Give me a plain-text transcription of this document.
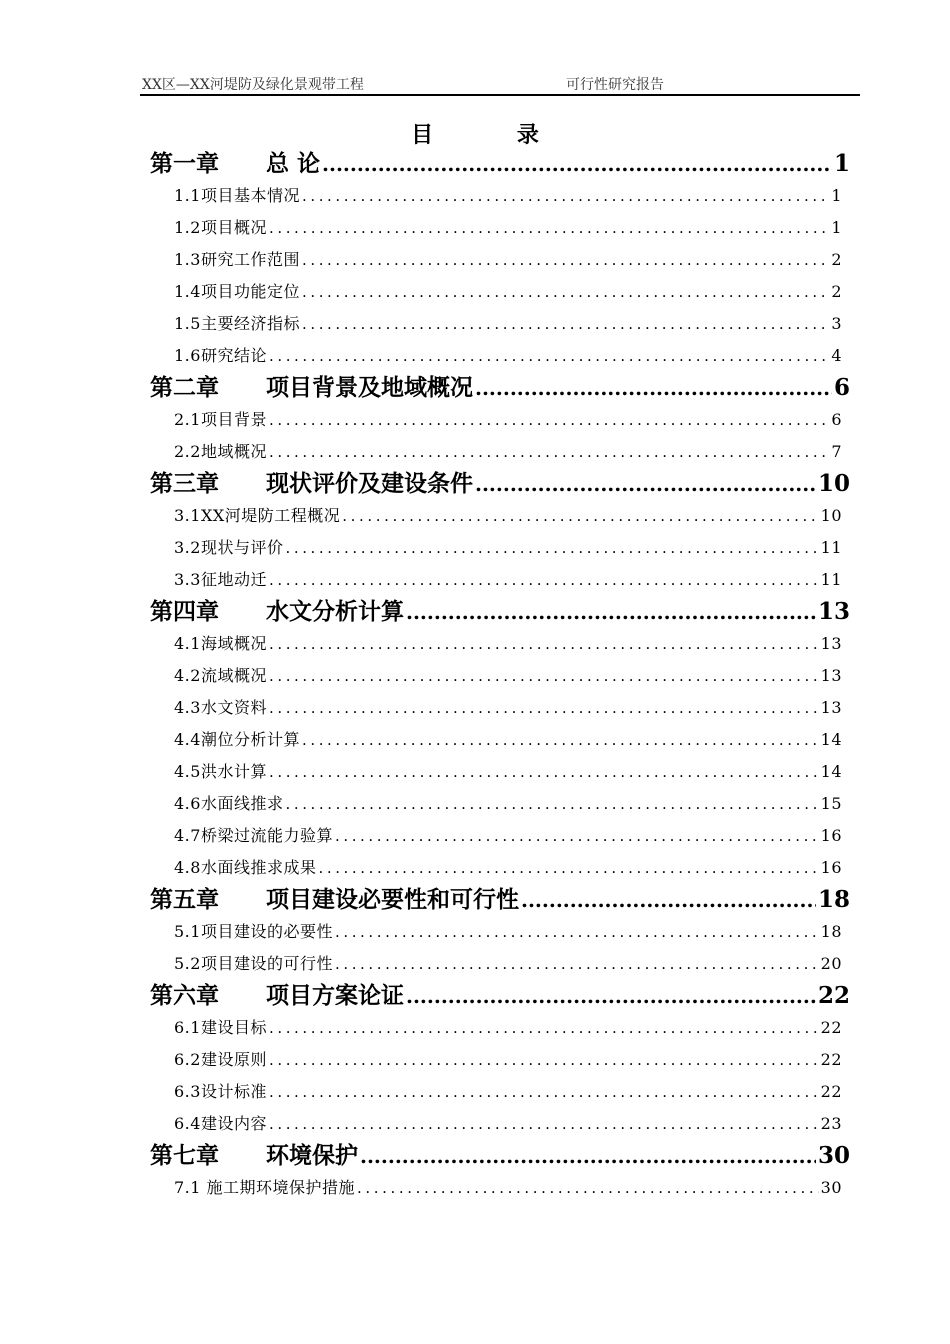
XX区—XX河堤防及绿化景观带工程	可行性研究报告
目 录
第一章	总 论 .....	1
1.1项目基本情况 .....	1
1.2项目概况 .....	1
1.3研究工作范围 .....	2
1.4项目功能定位 .....	2
1.5主要经济指标 .....	3
1.6研究结论 .....	4
第二章	项目背景及地域概况 .....	6
2.1项目背景 .....	6
2.2地域概况 .....	7
第三章	现状评价及建设条件 .....	10
3.1XX河堤防工程概况 .....	10
3.2现状与评价 .....	11
3.3征地动迁 .....	11
第四章	水文分析计算 .....	13
4.1海域概况 .....	13
4.2流域概况 .....	13
4.3水文资料 .....	13
4.4潮位分析计算 .....	14
4.5洪水计算 .....	14
4.6水面线推求 .....	15
4.7桥梁过流能力验算 .....	16
4.8水面线推求成果 .....	16
第五章	项目建设必要性和可行性 .....	18
5.1项目建设的必要性 .....	18
5.2项目建设的可行性 .....	20
第六章	项目方案论证 .....	22
6.1建设目标 .....	22
6.2建设原则 .....	22
6.3设计标准 .....	22
6.4建设内容 .....	23
第七章	环境保护 .....	30
7.1 施工期环境保护措施 .....	30
